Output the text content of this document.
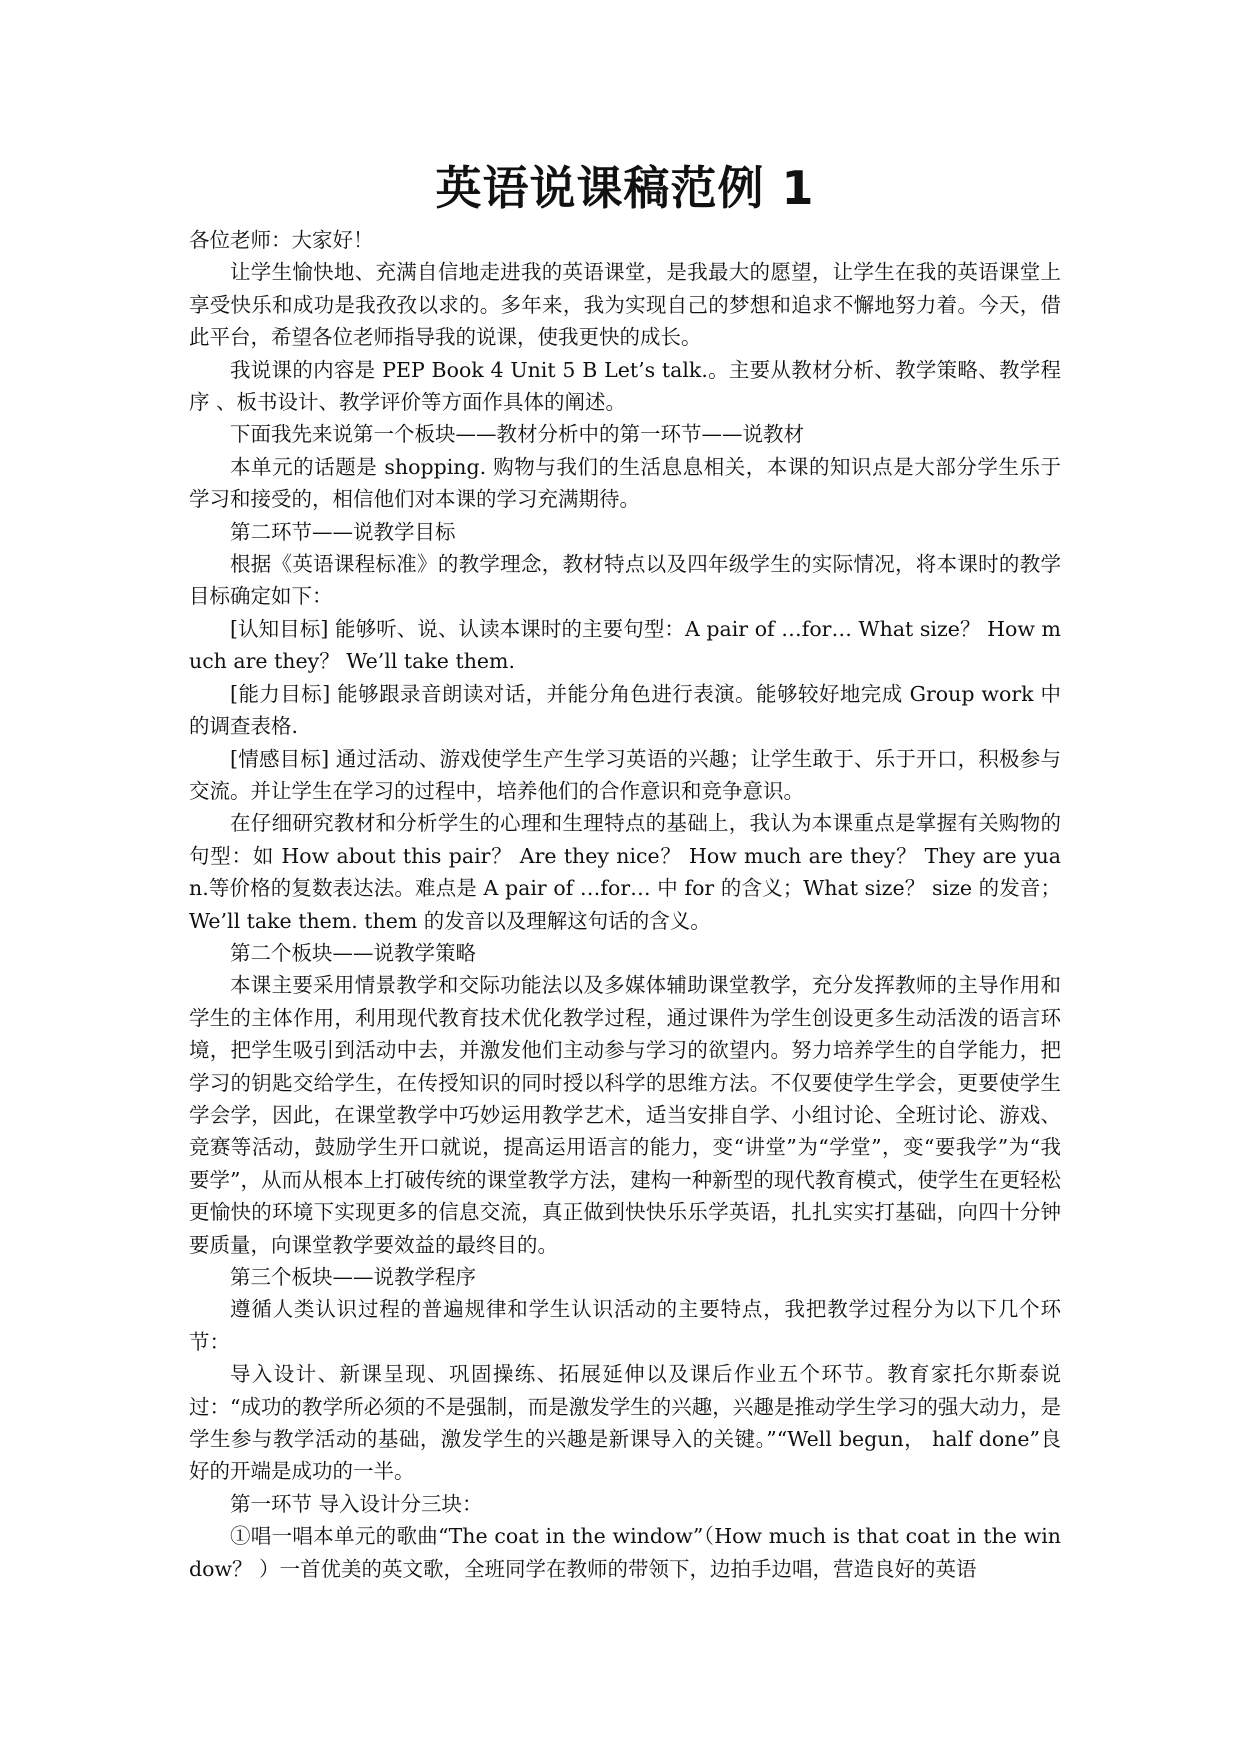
英语说课稿范例 1

各位老师：大家好！

让学生愉快地、充满自信地走进我的英语课堂，是我最大的愿望，让学生在我的英语课堂上享受快乐和成功是我孜孜以求的。多年来，我为实现自己的梦想和追求不懈地努力着。今天，借此平台，希望各位老师指导我的说课，使我更快的成长。

我说课的内容是 PEP Book 4 Unit 5 B Let’s talk.。主要从教材分析、教学策略、教学程序 、板书设计、教学评价等方面作具体的阐述。

下面我先来说第一个板块——教材分析中的第一环节——说教材

本单元的话题是 shopping. 购物与我们的生活息息相关，本课的知识点是大部分学生乐于学习和接受的，相信他们对本课的学习充满期待。

第二环节——说教学目标

根据《英语课程标准》的教学理念，教材特点以及四年级学生的实际情况，将本课时的教学目标确定如下：

[认知目标] 能够听、说、认读本课时的主要句型：A pair of …for… What size？ How much are they？ We’ll take them.

[能力目标] 能够跟录音朗读对话，并能分角色进行表演。能够较好地完成 Group work 中的调查表格.

[情感目标] 通过活动、游戏使学生产生学习英语的兴趣；让学生敢于、乐于开口，积极参与交流。并让学生在学习的过程中，培养他们的合作意识和竞争意识。

在仔细研究教材和分析学生的心理和生理特点的基础上，我认为本课重点是掌握有关购物的句型：如 How about this pair？ Are they nice？ How much are they？ They are yuan.等价格的复数表达法。难点是 A pair of …for… 中 for 的含义；What size？ size 的发音；We’ll take them. them 的发音以及理解这句话的含义。

第二个板块——说教学策略

本课主要采用情景教学和交际功能法以及多媒体辅助课堂教学，充分发挥教师的主导作用和学生的主体作用，利用现代教育技术优化教学过程，通过课件为学生创设更多生动活泼的语言环境，把学生吸引到活动中去，并激发他们主动参与学习的欲望内。努力培养学生的自学能力，把学习的钥匙交给学生，在传授知识的同时授以科学的思维方法。不仅要使学生学会，更要使学生学会学，因此，在课堂教学中巧妙运用教学艺术，适当安排自学、小组讨论、全班讨论、游戏、竞赛等活动，鼓励学生开口就说，提高运用语言的能力，变“讲堂”为“学堂”，变“要我学”为“我要学”，从而从根本上打破传统的课堂教学方法，建构一种新型的现代教育模式，使学生在更轻松更愉快的环境下实现更多的信息交流，真正做到快快乐乐学英语，扎扎实实打基础，向四十分钟要质量，向课堂教学要效益的最终目的。

第三个板块——说教学程序

遵循人类认识过程的普遍规律和学生认识活动的主要特点，我把教学过程分为以下几个环节：

导入设计、新课呈现、巩固操练、拓展延伸以及课后作业五个环节。教育家托尔斯泰说过：“成功的教学所必须的不是强制，而是激发学生的兴趣，兴趣是推动学生学习的强大动力，是学生参与教学活动的基础，激发学生的兴趣是新课导入的关键。”“Well begun， half done”良好的开端是成功的一半。

第一环节 导入设计分三块：

①唱一唱本单元的歌曲“The coat in the window”（How much is that coat in the window？ ）一首优美的英文歌，全班同学在教师的带领下，边拍手边唱，营造良好的英语
